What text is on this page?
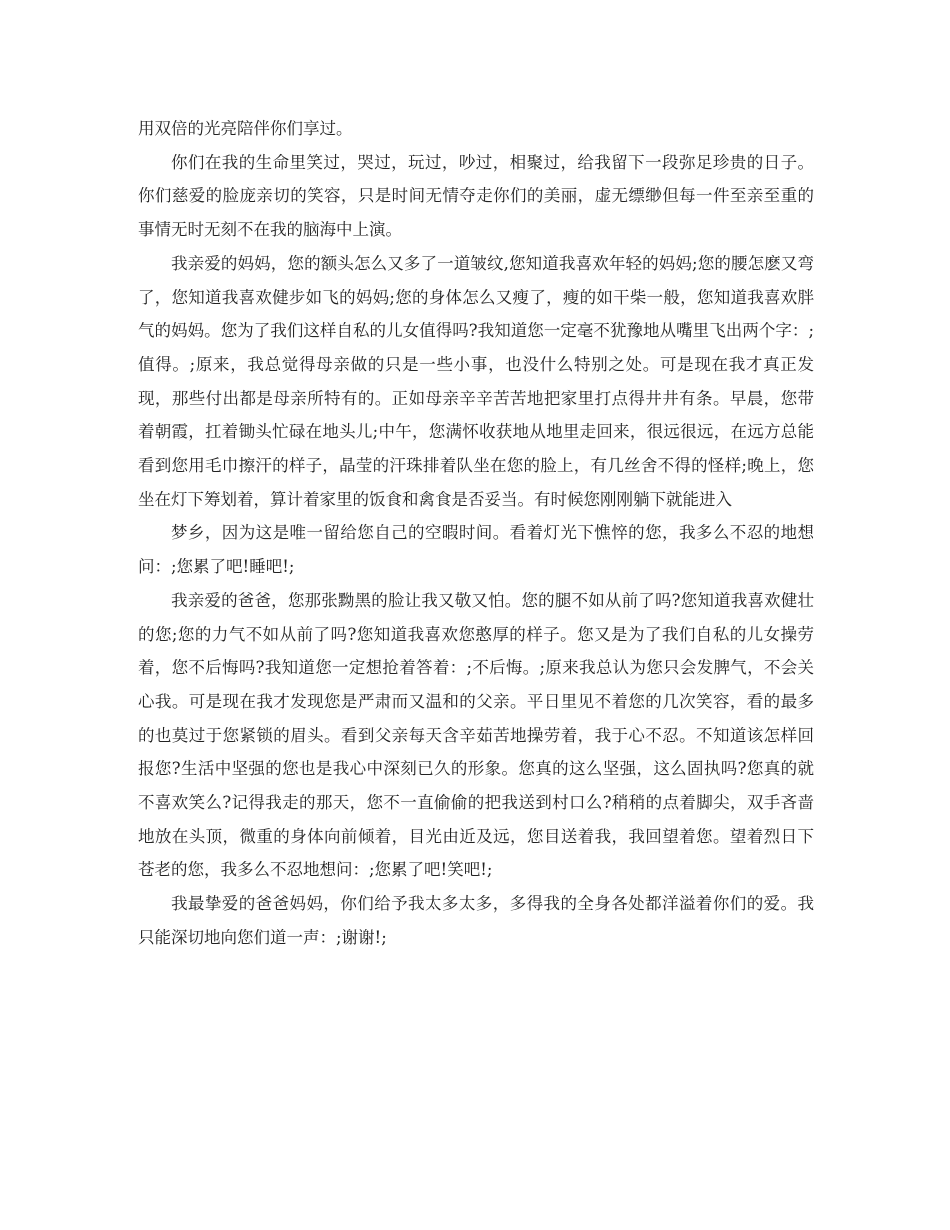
用双倍的光亮陪伴你们享过。

你们在我的生命里笑过，哭过，玩过，吵过，相聚过，给我留下一段弥足珍贵的日子。你们慈爱的脸庞亲切的笑容，只是时间无情夺走你们的美丽，虚无缥缈但每一件至亲至重的事情无时无刻不在我的脑海中上演。

我亲爱的妈妈，您的额头怎么又多了一道皱纹,您知道我喜欢年轻的妈妈;您的腰怎麽又弯了，您知道我喜欢健步如飞的妈妈;您的身体怎么又瘦了，瘦的如干柴一般，您知道我喜欢胖气的妈妈。您为了我们这样自私的儿女值得吗?我知道您一定毫不犹豫地从嘴里飞出两个字：;值得。;原来，我总觉得母亲做的只是一些小事，也没什么特别之处。可是现在我才真正发现，那些付出都是母亲所特有的。正如母亲辛辛苦苦地把家里打点得井井有条。早晨，您带着朝霞，扛着锄头忙碌在地头儿;中午，您满怀收获地从地里走回来，很远很远，在远方总能看到您用毛巾擦汗的样子，晶莹的汗珠排着队坐在您的脸上，有几丝舍不得的怪样;晚上，您坐在灯下筹划着，算计着家里的饭食和禽食是否妥当。有时候您刚刚躺下就能进入

梦乡，因为这是唯一留给您自己的空暇时间。看着灯光下憔悴的您，我多么不忍的地想问：;您累了吧!睡吧!;

我亲爱的爸爸，您那张黝黑的脸让我又敬又怕。您的腿不如从前了吗?您知道我喜欢健壮的您;您的力气不如从前了吗?您知道我喜欢您憨厚的样子。您又是为了我们自私的儿女操劳着，您不后悔吗?我知道您一定想抢着答着：;不后悔。;原来我总认为您只会发脾气，不会关心我。可是现在我才发现您是严肃而又温和的父亲。平日里见不着您的几次笑容，看的最多的也莫过于您紧锁的眉头。看到父亲每天含辛茹苦地操劳着，我于心不忍。不知道该怎样回报您?生活中坚强的您也是我心中深刻已久的形象。您真的这么坚强，这么固执吗?您真的就不喜欢笑么?记得我走的那天，您不一直偷偷的把我送到村口么?稍稍的点着脚尖，双手吝啬地放在头顶，微重的身体向前倾着，目光由近及远，您目送着我，我回望着您。望着烈日下苍老的您，我多么不忍地想问：;您累了吧!笑吧!;

我最挚爱的爸爸妈妈，你们给予我太多太多，多得我的全身各处都洋溢着你们的爱。我只能深切地向您们道一声：;谢谢!;
